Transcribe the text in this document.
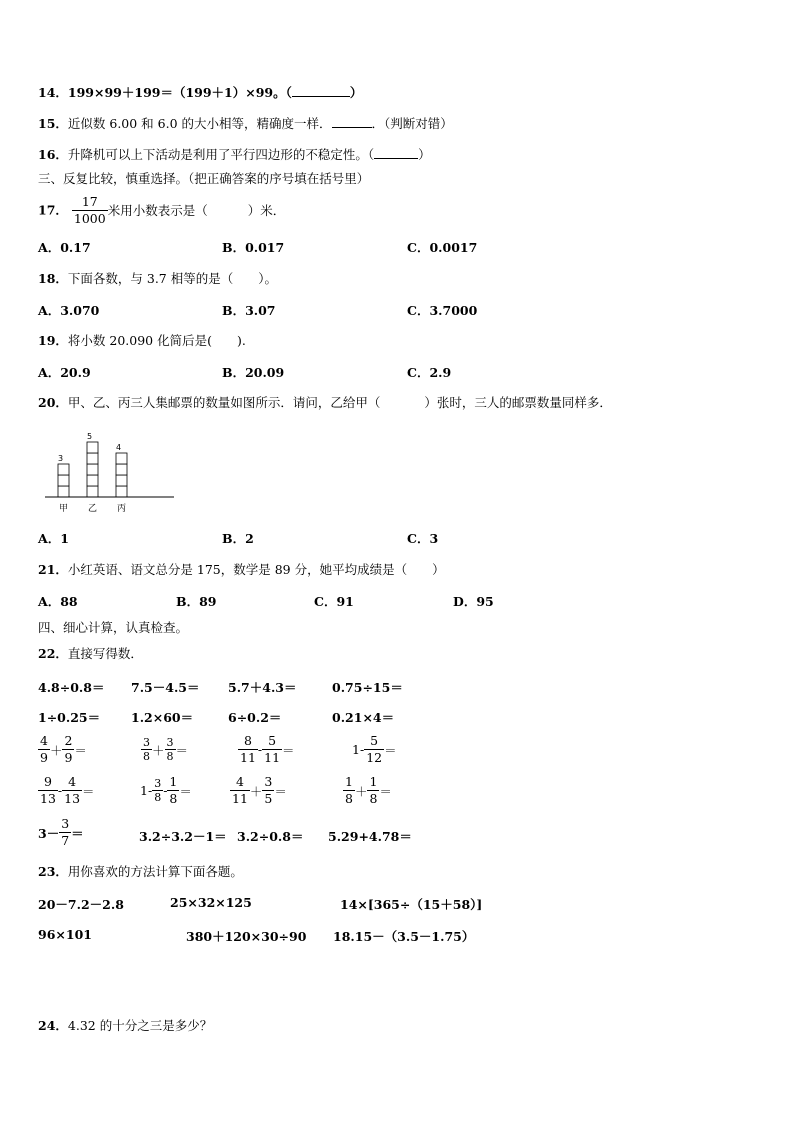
14．199×99＋199＝（199＋1）×99。（	）
15．近似数 6.00 和 6.0 的大小相等，精确度一样．	．（判断对错）
16．升降机可以上下活动是利用了平行四边形的不稳定性。（	）
三、反复比较，慎重选择。（把正确答案的序号填在括号里）
17． $\frac{17}{1000}$ 米用小数表示是（	）米．
A．0.17	B．0.017	C．0.0017
18．下面各数，与 3.7 相等的是（　　）。
A．3.070	B．3.07	C．3.7000
19．将小数 20.090 化简后是(　　).
A．20.9	B．20.09	C．2.9
20．甲、乙、丙三人集邮票的数量如图所示．请问，乙给甲（	）张时，三人的邮票数量同样多．
3
5
4
甲 乙 丙
A．1	B．2	C．3
21．小红英语、语文总分是 175，数学是 89 分，她平均成绩是（　　）
A．88	B．89	C．91	D．95
四、细心计算，认真检查。
22．直接写得数．
4.8÷0.8＝ 7.5－4.5＝ 5.7＋4.3＝	0.75÷15＝
1÷0.25＝ 1.2×60＝	6÷0.2＝	0.21×4＝
$\frac{4}{9} + \frac{2}{9}$ ＝	$\frac{3}{8} + \frac{3}{8}$ ＝	$\frac{8}{11} - \frac{5}{11}$ ＝	$1- \frac{5}{12}$ ＝
$\frac{9}{13} - \frac{4}{13}$ ＝	$1- \frac{3}{8} - \frac{1}{8}$ ＝	$\frac{4}{11} + \frac{3}{5}$ ＝	$\frac{1}{8} + \frac{1}{8}$ ＝
$3- \frac{3}{7}$ ＝	3.2÷3.2－1＝ 3.2÷0.8＝ 5.29+4.78＝
23．用你喜欢的方法计算下面各题。
20－7.2－2.8	25×32×125	14×[365÷（15＋58）]
96×101	380＋120×30÷90 18.15－（3.5－1.75）
24．4.32 的十分之三是多少？
